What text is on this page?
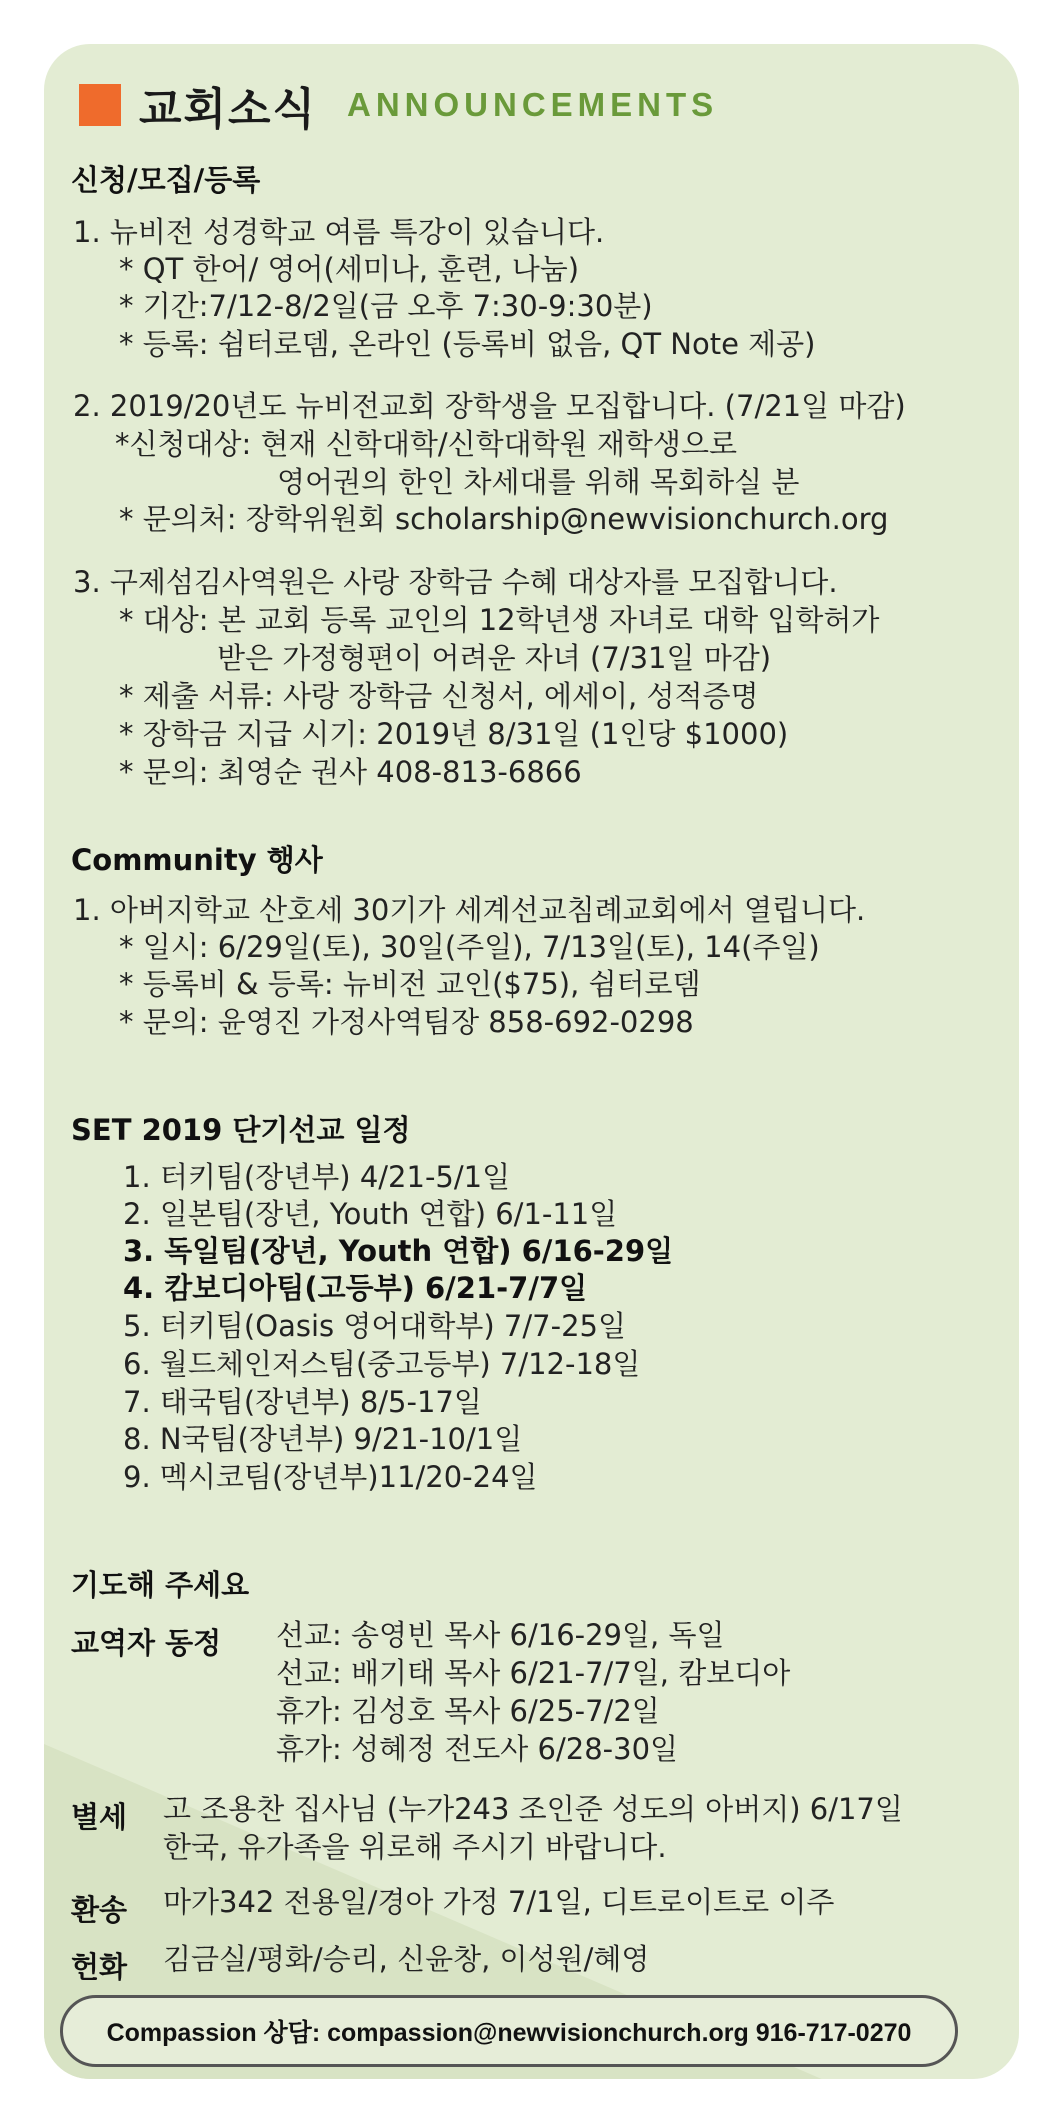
교회소식 ANNOUNCEMENTS
신청/모집/등록
1. 뉴비전 성경학교 여름 특강이 있습니다.
* QT 한어/ 영어(세미나, 훈련, 나눔)
* 기간:7/12-8/2일(금 오후 7:30-9:30분)
* 등록: 쉼터로뎀, 온라인 (등록비 없음, QT Note 제공)
2. 2019/20년도 뉴비전교회 장학생을 모집합니다. (7/21일 마감)
*신청대상: 현재 신학대학/신학대학원 재학생으로
영어권의 한인 차세대를 위해 목회하실 분
* 문의처: 장학위원회 scholarship@newvisionchurch.org
3. 구제섬김사역원은 사랑 장학금 수혜 대상자를 모집합니다.
* 대상: 본 교회 등록 교인의 12학년생 자녀로 대학 입학허가
받은 가정형편이 어려운 자녀 (7/31일 마감)
* 제출 서류: 사랑 장학금 신청서, 에세이, 성적증명
* 장학금 지급 시기: 2019년 8/31일 (1인당 $1000)
* 문의: 최영순 권사 408-813-6866
Community 행사
1. 아버지학교 산호세 30기가 세계선교침례교회에서 열립니다.
* 일시: 6/29일(토), 30일(주일), 7/13일(토), 14(주일)
* 등록비 & 등록: 뉴비전 교인($75), 쉼터로뎀
* 문의: 윤영진 가정사역팀장 858-692-0298
SET 2019 단기선교 일정
1. 터키팀(장년부) 4/21-5/1일
2. 일본팀(장년, Youth 연합) 6/1-11일
3. 독일팀(장년, Youth 연합) 6/16-29일
4. 캄보디아팀(고등부) 6/21-7/7일
5. 터키팀(Oasis 영어대학부) 7/7-25일
6. 월드체인저스팀(중고등부) 7/12-18일
7. 태국팀(장년부) 8/5-17일
8. N국팀(장년부) 9/21-10/1일
9. 멕시코팀(장년부)11/20-24일
기도해 주세요
교역자 동정 선교: 송영빈 목사 6/16-29일, 독일
선교: 배기태 목사 6/21-7/7일, 캄보디아
휴가: 김성호 목사 6/25-7/2일
휴가: 성혜정 전도사 6/28-30일
별세 고 조용찬 집사님 (누가243 조인준 성도의 아버지) 6/17일
한국, 유가족을 위로해 주시기 바랍니다.
환송 마가342 전용일/경아 가정 7/1일, 디트로이트로 이주
헌화 김금실/평화/승리, 신윤창, 이성원/혜영
Compassion 상담: compassion@newvisionchurch.org 916-717-0270
